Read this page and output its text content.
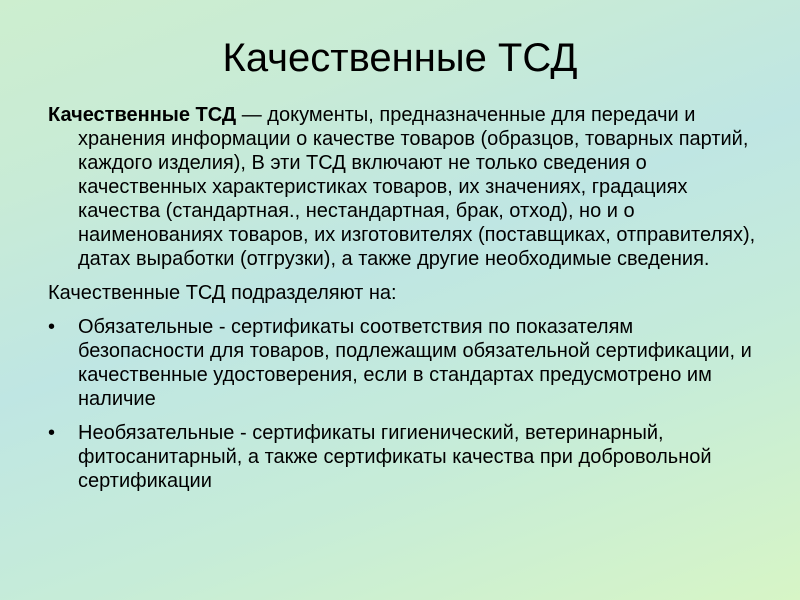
Качественные ТСД

Качественные ТСД — документы, предназначенные для передачи и хранения информации о качестве товаров (образцов, товарных партий, каждого изделия), В эти ТСД включают не только сведения о качественных характеристиках товаров, их значениях, градациях качества (стандартная., нестандартная, брак, отход), но и о наименованиях товаров, их изготовителях (поставщиках, отправителях), датах выработки (отгрузки), а также другие необходимые сведения.

Качественные ТСД подразделяют на:

• Обязательные - сертификаты соответствия по показателям безопасности для товаров, подлежащим обязательной сертификации, и качественные удостоверения, если в стандартах предусмотрено им наличие
• Необязательные - сертификаты гигиенический, ветеринарный, фитосанитарный, а также сертификаты качества при добровольной сертификации
